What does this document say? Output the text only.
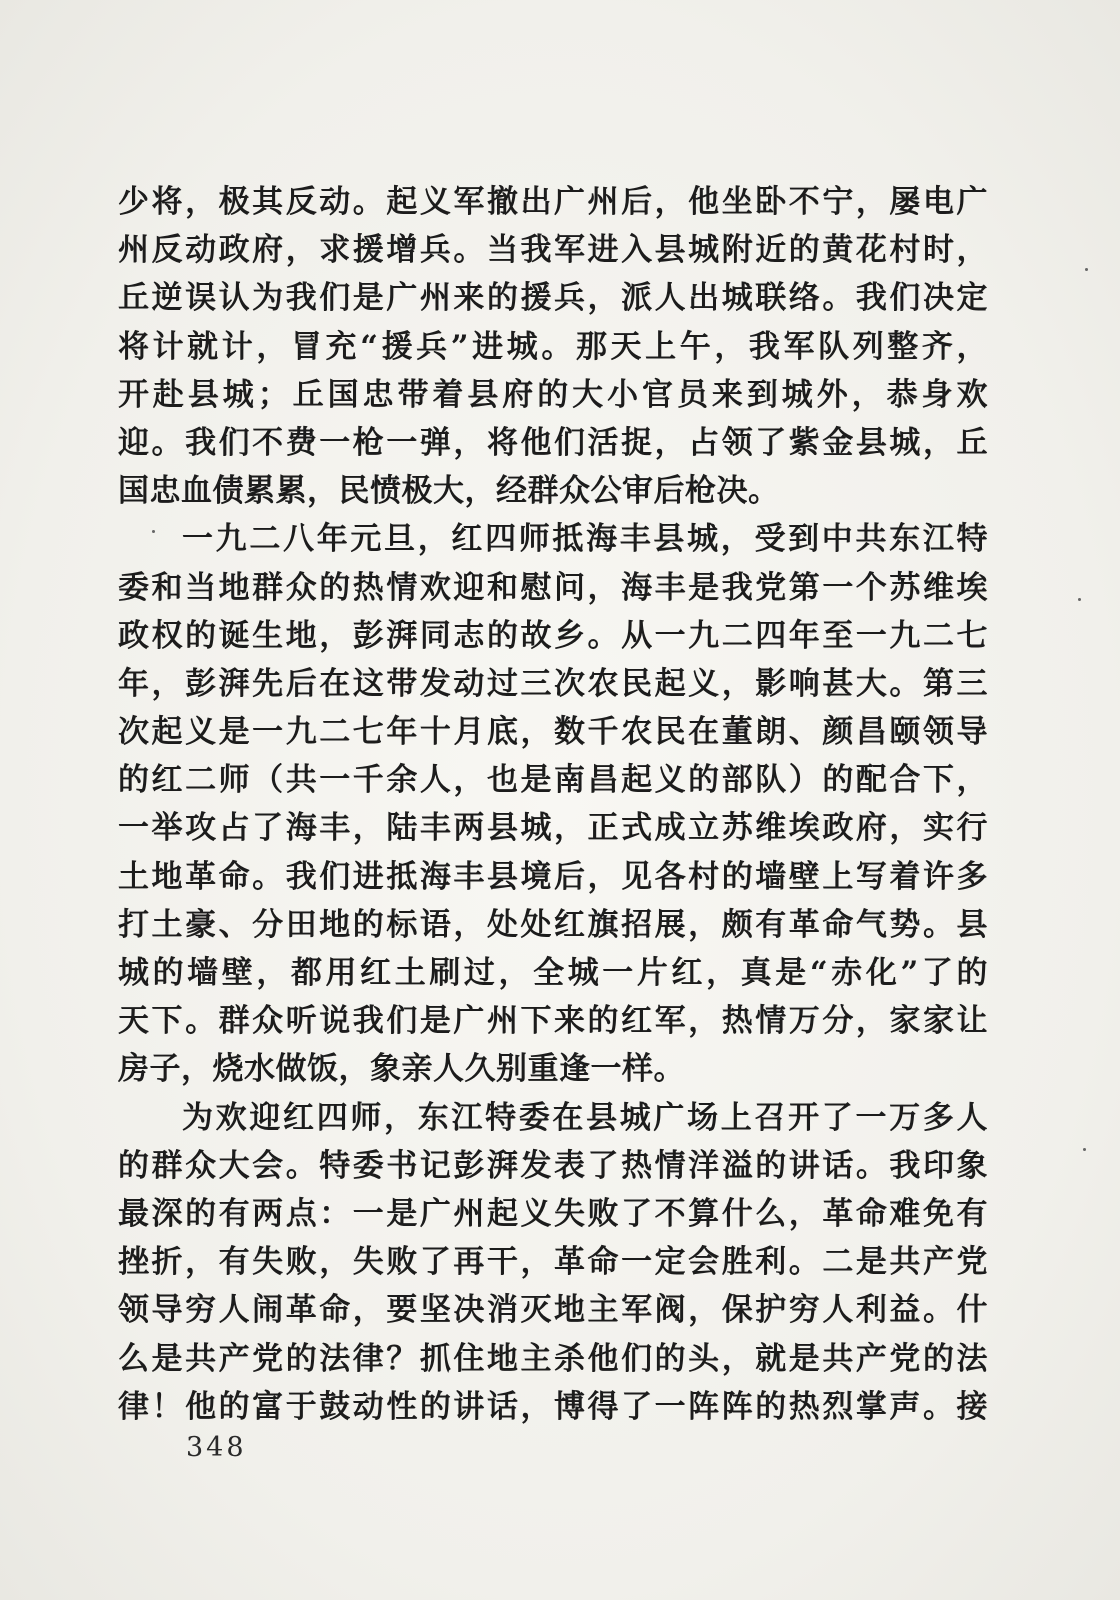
少将，极其反动。起义军撤出广州后，他坐卧不宁，屡电广
州反动政府，求援增兵。当我军进入县城附近的黄花村时，
丘逆误认为我们是广州来的援兵，派人出城联络。我们决定
将计就计，冒充“援兵”进城。那天上午，我军队列整齐，
开赴县城；丘国忠带着县府的大小官员来到城外，恭身欢
迎。我们不费一枪一弹，将他们活捉，占领了紫金县城，丘
国忠血债累累，民愤极大，经群众公审后枪决。
一九二八年元旦，红四师抵海丰县城，受到中共东江特
委和当地群众的热情欢迎和慰问，海丰是我党第一个苏维埃
政权的诞生地，彭湃同志的故乡。从一九二四年至一九二七
年，彭湃先后在这带发动过三次农民起义，影响甚大。第三
次起义是一九二七年十月底，数千农民在董朗、颜昌颐领导
的红二师（共一千余人，也是南昌起义的部队）的配合下，
一举攻占了海丰，陆丰两县城，正式成立苏维埃政府，实行
土地革命。我们进抵海丰县境后，见各村的墙壁上写着许多
打土豪、分田地的标语，处处红旗招展，颇有革命气势。县
城的墙壁，都用红土刷过，全城一片红，真是“赤化”了的
天下。群众听说我们是广州下来的红军，热情万分，家家让
房子，烧水做饭，象亲人久别重逢一样。
为欢迎红四师，东江特委在县城广场上召开了一万多人
的群众大会。特委书记彭湃发表了热情洋溢的讲话。我印象
最深的有两点：一是广州起义失败了不算什么，革命难免有
挫折，有失败，失败了再干，革命一定会胜利。二是共产党
领导穷人闹革命，要坚决消灭地主军阀，保护穷人利益。什
么是共产党的法律？抓住地主杀他们的头，就是共产党的法
律！他的富于鼓动性的讲话，博得了一阵阵的热烈掌声。接
348
